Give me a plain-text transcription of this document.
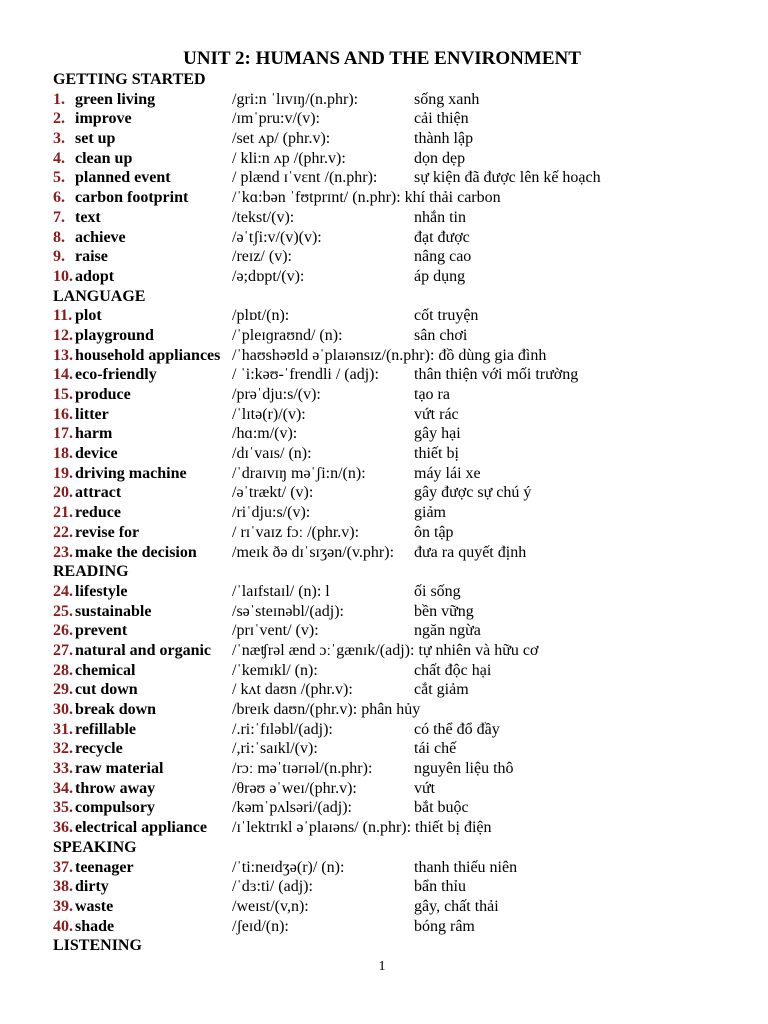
UNIT 2: HUMANS AND THE ENVIRONMENT
GETTING STARTED
1. green living	/gri:n ˈlɪvɪŋ/(n.phr):	sống xanh
2. improve	/ɪmˈpru:v/(v):	cải thiện
3. set up	/set ʌp/ (phr.v):	thành lập
4. clean up	/ kli:n ʌp /(phr.v):	dọn dẹp
5. planned event	/ plænd ɪˈvɛnt /(n.phr): sự kiện đã được lên kế hoạch
6. carbon footprint	/ˈkɑ:bən ˈfʊtprɪnt/ (n.phr): khí thải carbon
7. text	/tekst/(v):	nhắn tin
8. achieve	/əˈtʃi:v/(v)(v):	đạt được
9. raise	/reɪz/ (v):	nâng cao
10. adopt	/ə;dɒpt/(v):	áp dụng
LANGUAGE
11. plot	/plɒt/(n):	cốt truyện
12. playground	/ˈpleɪɡraʊnd/ (n):	sân chơi
13. household appliances /ˈhaʊshəʊld əˈplaɪənsɪz/(n.phr): đồ dùng gia đình
14. eco-friendly	/ ˈi:kəʊ-ˈfrendli / (adj): thân thiện với mối trường
15. produce	/prəˈdju:s/(v):	tạo ra
16. litter	/ˈlɪtə(r)/(v):	vứt rác
17. harm	/hɑ:m/(v):	gây hại
18. device	/dɪˈvaɪs/ (n):	thiết bị
19. driving machine	/ˈdraɪvɪŋ məˈʃi:n/(n):	máy lái xe
20. attract	/əˈtrækt/ (v):	gây được sự chú ý
21. reduce	/riˈdju:s/(v):	giảm
22. revise for	/ rɪˈvaɪz fɔː /(phr.v):	ôn tập
23. make the decision /meɪk ðə dɪˈsɪʒən/(v.phr): đưa ra quyết định
READING
24. lifestyle	/ˈlaɪfstaɪl/ (n): l	ối sống
25. sustainable	/səˈsteɪnəbl/(adj):	bền vững
26. prevent	/prɪˈvent/ (v):	ngăn ngừa
27. natural and organic /ˈnæʧrəl ænd ɔːˈgænɪk/(adj): tự nhiên và hữu cơ
28. chemical	/ˈkemɪkl/ (n):	chất độc hại
29. cut down	/ kʌt daʊn /(phr.v):	cắt giảm
30. break down	/breɪk daʊn/(phr.v): phân hủy
31. refillable	/.ri:ˈfɪləbl/(adj):	có thể đổ đầy
32. recycle	/,ri:ˈsaɪkl/(v):	tái chế
33. raw material	/rɔː məˈtɪərɪəl/(n.phr):	nguyên liệu thô
34. throw away	/θrəʊ əˈweɪ/(phr.v):	vứt
35. compulsory	/kəmˈpʌlsəri/(adj):	bắt buộc
36. electrical appliance /ɪˈlektrɪkl əˈplaɪəns/ (n.phr): thiết bị điện
SPEAKING
37. teenager	/ˈti:neɪdʒə(r)/ (n):	thanh thiếu niên
38. dirty	/ˈdɜ:ti/ (adj):	bẩn thỉu
39. waste	/weɪst/(v,n):	gây, chất thải
40. shade	/ʃeɪd/(n):	bóng râm
LISTENING
1
